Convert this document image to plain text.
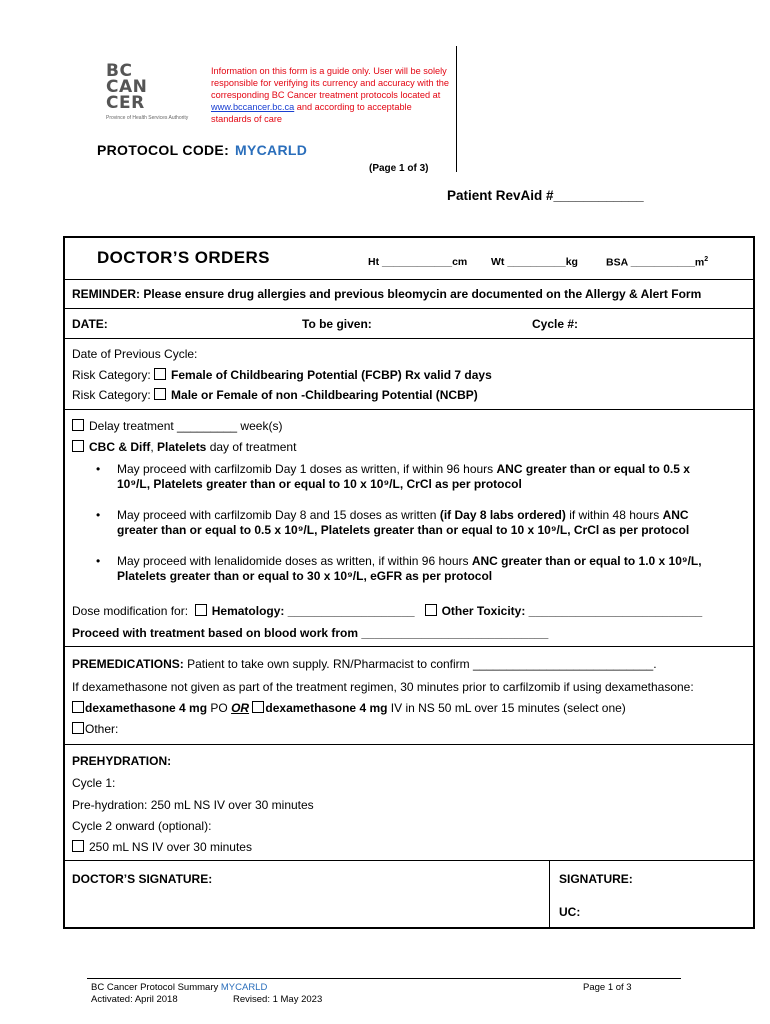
BC
CAN
CER
Province of Health Services Authority
Information on this form is a guide only. User will be solely responsible for verifying its currency and accuracy with the corresponding BC Cancer treatment protocols located at www.bccancer.bc.ca and according to acceptable standards of care
PROTOCOL CODE: MYCARLD
(Page 1 of 3)
Patient RevAid #____________
DOCTOR’S ORDERS	Ht ____________cm Wt __________kg	BSA $\_\_\_\_\_\_\_\_\_\_\_m^2$
REMINDER: Please ensure drug allergies and previous bleomycin are documented on the Allergy & Alert Form
DATE:	To be given:	Cycle #:
Date of Previous Cycle:
Risk Category: Female of Childbearing Potential (FCBP) Rx valid 7 days
Risk Category: Male or Female of non -Childbearing Potential (NCBP)
Delay treatment _________ week(s)
CBC & Diff, Platelets day of treatment
• May proceed with carfilzomib Day 1 doses as written, if within 96 hours ANC greater than or equal to 0.5 x
10⁹/L, Platelets greater than or equal to 10 x 10⁹/L, CrCl as per protocol
• May proceed with carfilzomib Day 8 and 15 doses as written (if Day 8 labs ordered) if within 48 hours ANC
greater than or equal to 0.5 x 10⁹/L, Platelets greater than or equal to 10 x 10⁹/L, CrCl as per protocol
• May proceed with lenalidomide doses as written, if within 96 hours ANC greater than or equal to 1.0 x 10⁹/L,
Platelets greater than or equal to 30 x 10⁹/L, eGFR as per protocol
Dose modification for: Hematology: ___________________ Other Toxicity: __________________________
Proceed with treatment based on blood work from ____________________________
PREMEDICATIONS: Patient to take own supply. RN/Pharmacist to confirm ___________________________.
If dexamethasone not given as part of the treatment regimen, 30 minutes prior to carfilzomib if using dexamethasone:
dexamethasone 4 mg PO OR dexamethasone 4 mg IV in NS 50 mL over 15 minutes (select one)
Other:
PREHYDRATION:
Cycle 1:
Pre-hydration: 250 mL NS IV over 30 minutes
Cycle 2 onward (optional):
250 mL NS IV over 30 minutes
DOCTOR’S SIGNATURE:	SIGNATURE:
UC:
BC Cancer Protocol Summary MYCARLD
Activated: April 2018	Revised: 1 May 2023
Page 1 of 3
